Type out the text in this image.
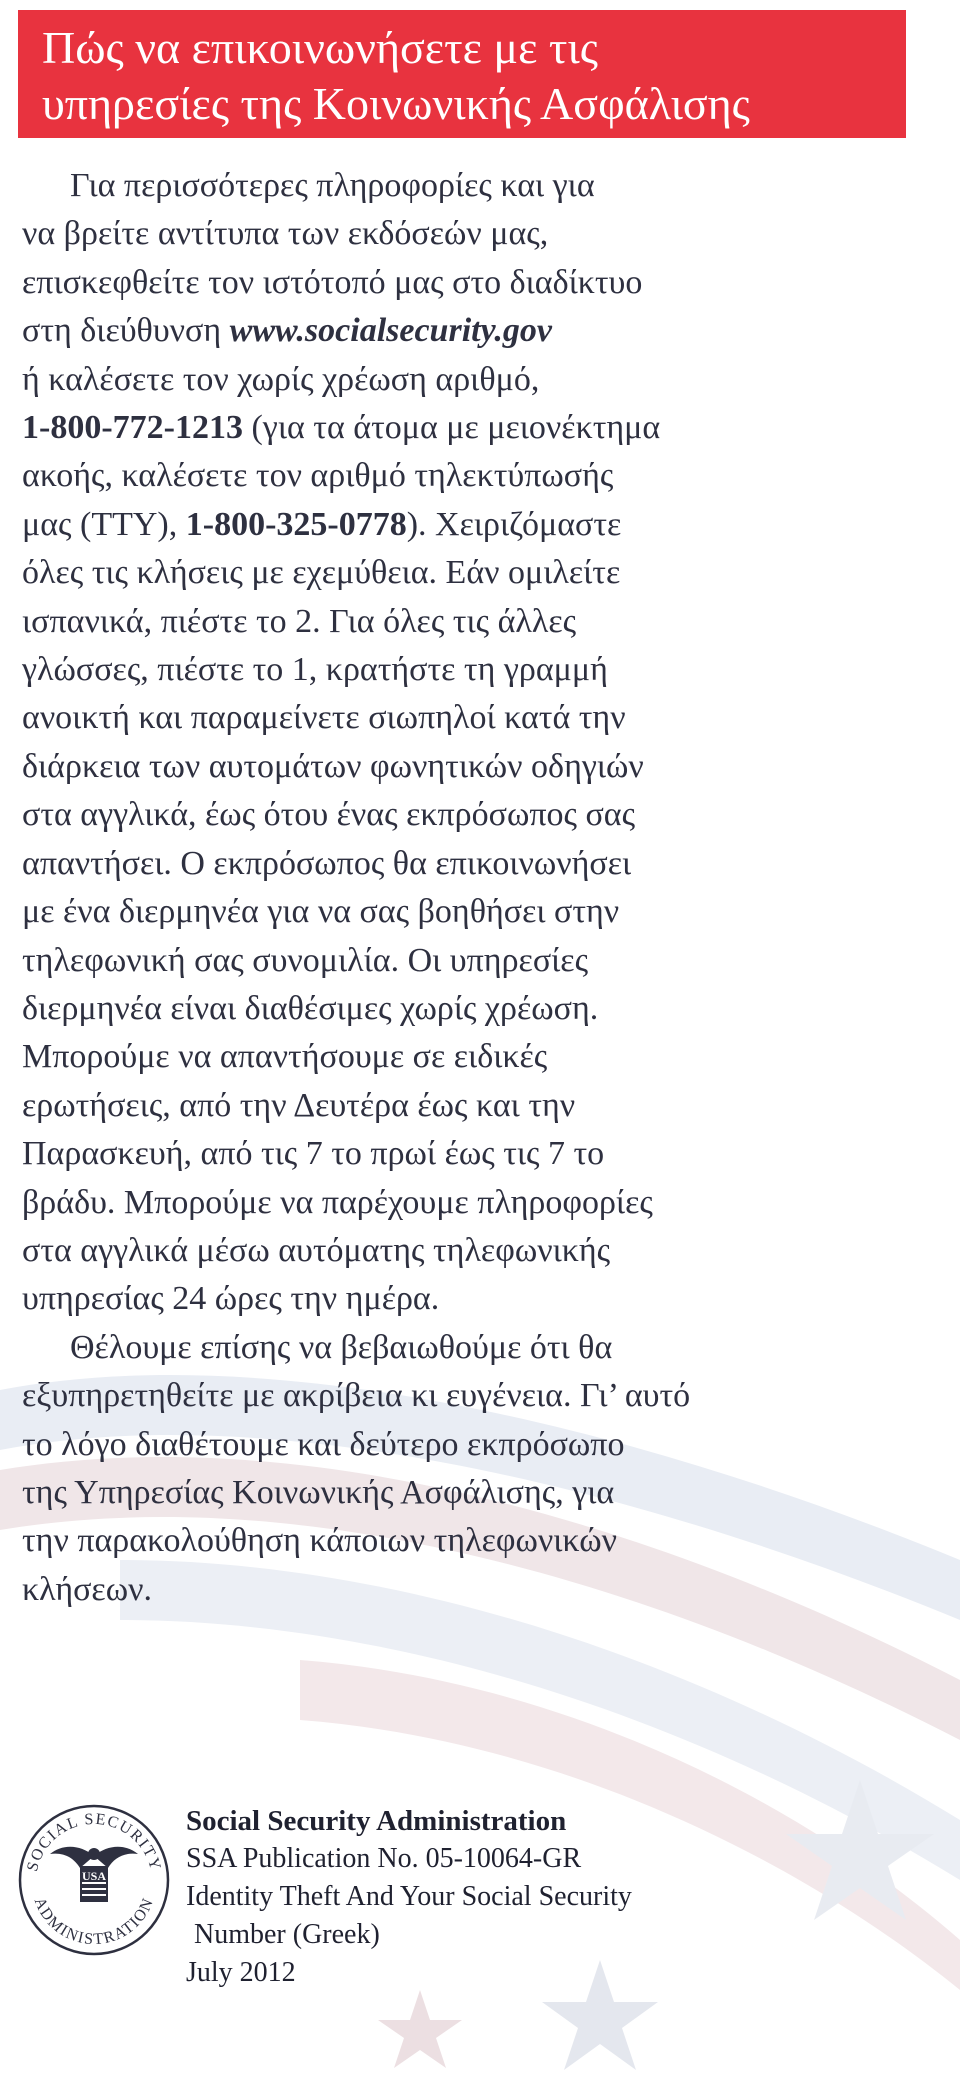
Πώς να επικοινωνήσετε με τις
υπηρεσίες της Κοινωνικής Ασφάλισης

Για περισσότερες πληροφορίες και για
να βρείτε αντίτυπα των εκδόσεών μας,
επισκεφθείτε τον ιστότοπό μας στο διαδίκτυο
στη διεύθυνση www.socialsecurity.gov
ή καλέσετε τον χωρίς χρέωση αριθμό,
1-800-772-1213 (για τα άτομα με μειονέκτημα
ακοής, καλέσετε τον αριθμό τηλεκτύπωσής
μας (TTY), 1-800-325-0778). Χειριζόμαστε
όλες τις κλήσεις με εχεμύθεια. Εάν ομιλείτε
ισπανικά, πιέστε το 2. Για όλες τις άλλες
γλώσσες, πιέστε το 1, κρατήστε τη γραμμή
ανοικτή και παραμείνετε σιωπηλοί κατά την
διάρκεια των αυτομάτων φωνητικών οδηγιών
στα αγγλικά, έως ότου ένας εκπρόσωπος σας
απαντήσει. Ο εκπρόσωπος θα επικοινωνήσει
με ένα διερμηνέα για να σας βοηθήσει στην
τηλεφωνική σας συνομιλία. Οι υπηρεσίες
διερμηνέα είναι διαθέσιμες χωρίς χρέωση.
Μπορούμε να απαντήσουμε σε ειδικές
ερωτήσεις, από την Δευτέρα έως και την
Παρασκευή, από τις 7 το πρωί έως τις 7 το
βράδυ. Μπορούμε να παρέχουμε πληροφορίες
στα αγγλικά μέσω αυτόματης τηλεφωνικής
υπηρεσίας 24 ώρες την ημέρα.

Θέλουμε επίσης να βεβαιωθούμε ότι θα
εξυπηρετηθείτε με ακρίβεια κι ευγένεια. Γι’ αυτό
το λόγο διαθέτουμε και δεύτερο εκπρόσωπο
της Υπηρεσίας Κοινωνικής Ασφάλισης, για
την παρακολούθηση κάποιων τηλεφωνικών
κλήσεων.

SOCIAL SECURITY
ADMINISTRATION
USA
Social Security Administration
SSA Publication No. 05-10064-GR
Identity Theft And Your Social Security
Number (Greek)
July 2012
